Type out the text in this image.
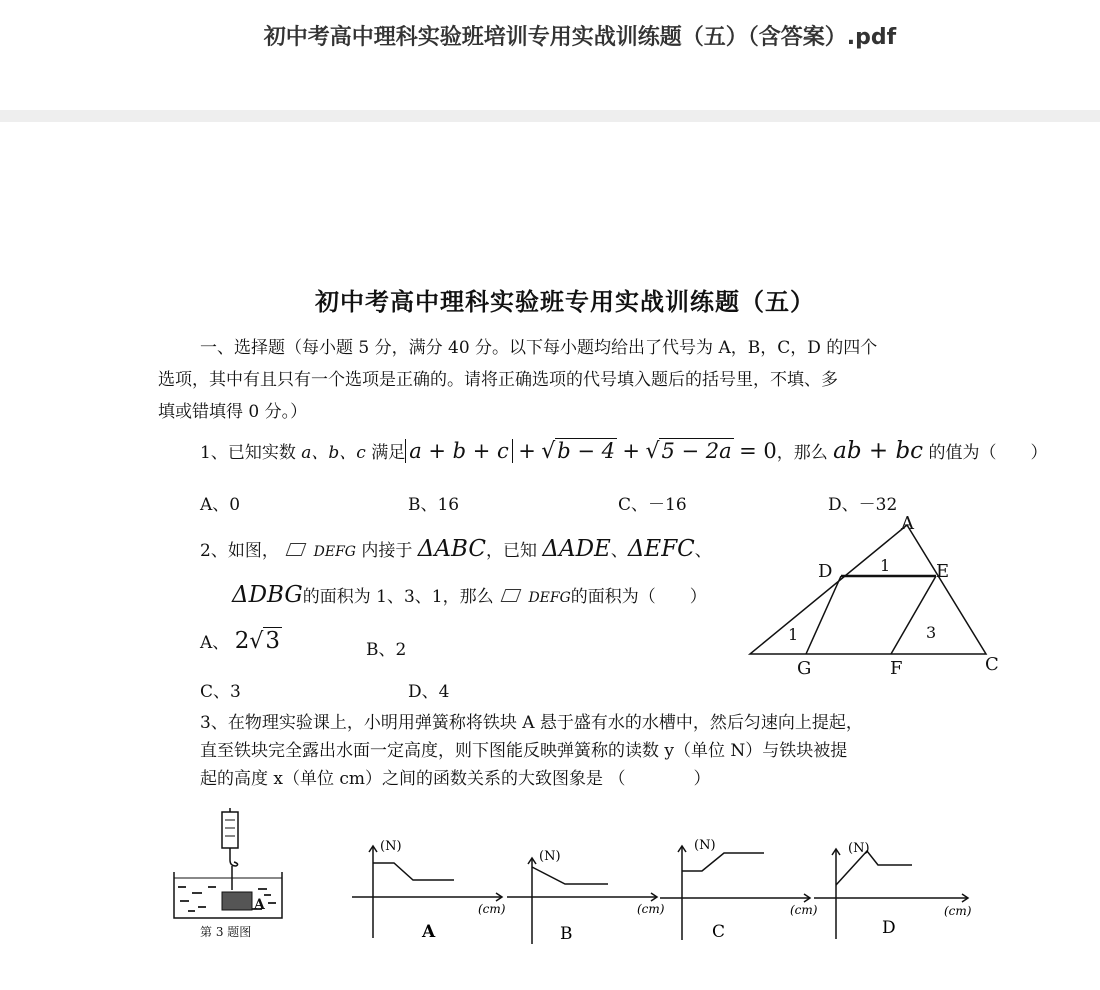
初中考高中理科实验班培训专用实战训练题（五）（含答案）.pdf
初中考高中理科实验班专用实战训练题（五）
一、选择题（每小题 5 分，满分 40 分。以下每小题均给出了代号为 A，B，C，D 的四个
选项，其中有且只有一个选项是正确的。请将正确选项的代号填入题后的括号里，不填、多
填或错填得 0 分。）
1、已知实数 a、b、c 满足 a + b + c + √b − 4 + √5 − 2a = 0，那么 ab + bc 的值为（　　）
A、0	B、16	C、－16	D、－32
2、如图， DEFG 内接于 ΔABC，已知 ΔADE、ΔEFC、
ΔDBG的面积为 1、3、1，那么 DEFG的面积为（　　）
A、 2√3	B、2
C、3	D、4
A
D	E
G	F	C
1
1	3
3、在物理实验课上，小明用弹簧称将铁块 A 悬于盛有水的水槽中，然后匀速向上提起，
直至铁块完全露出水面一定高度，则下图能反映弹簧称的读数 y（单位 N）与铁块被提
起的高度 x（单位 cm）之间的函数关系的大致图象是 （　　　　）
A
第 3 题图
(N)
(cm)
A
(N)
(cm)
B
(N)
(cm)
C
(N)
(cm)
D
